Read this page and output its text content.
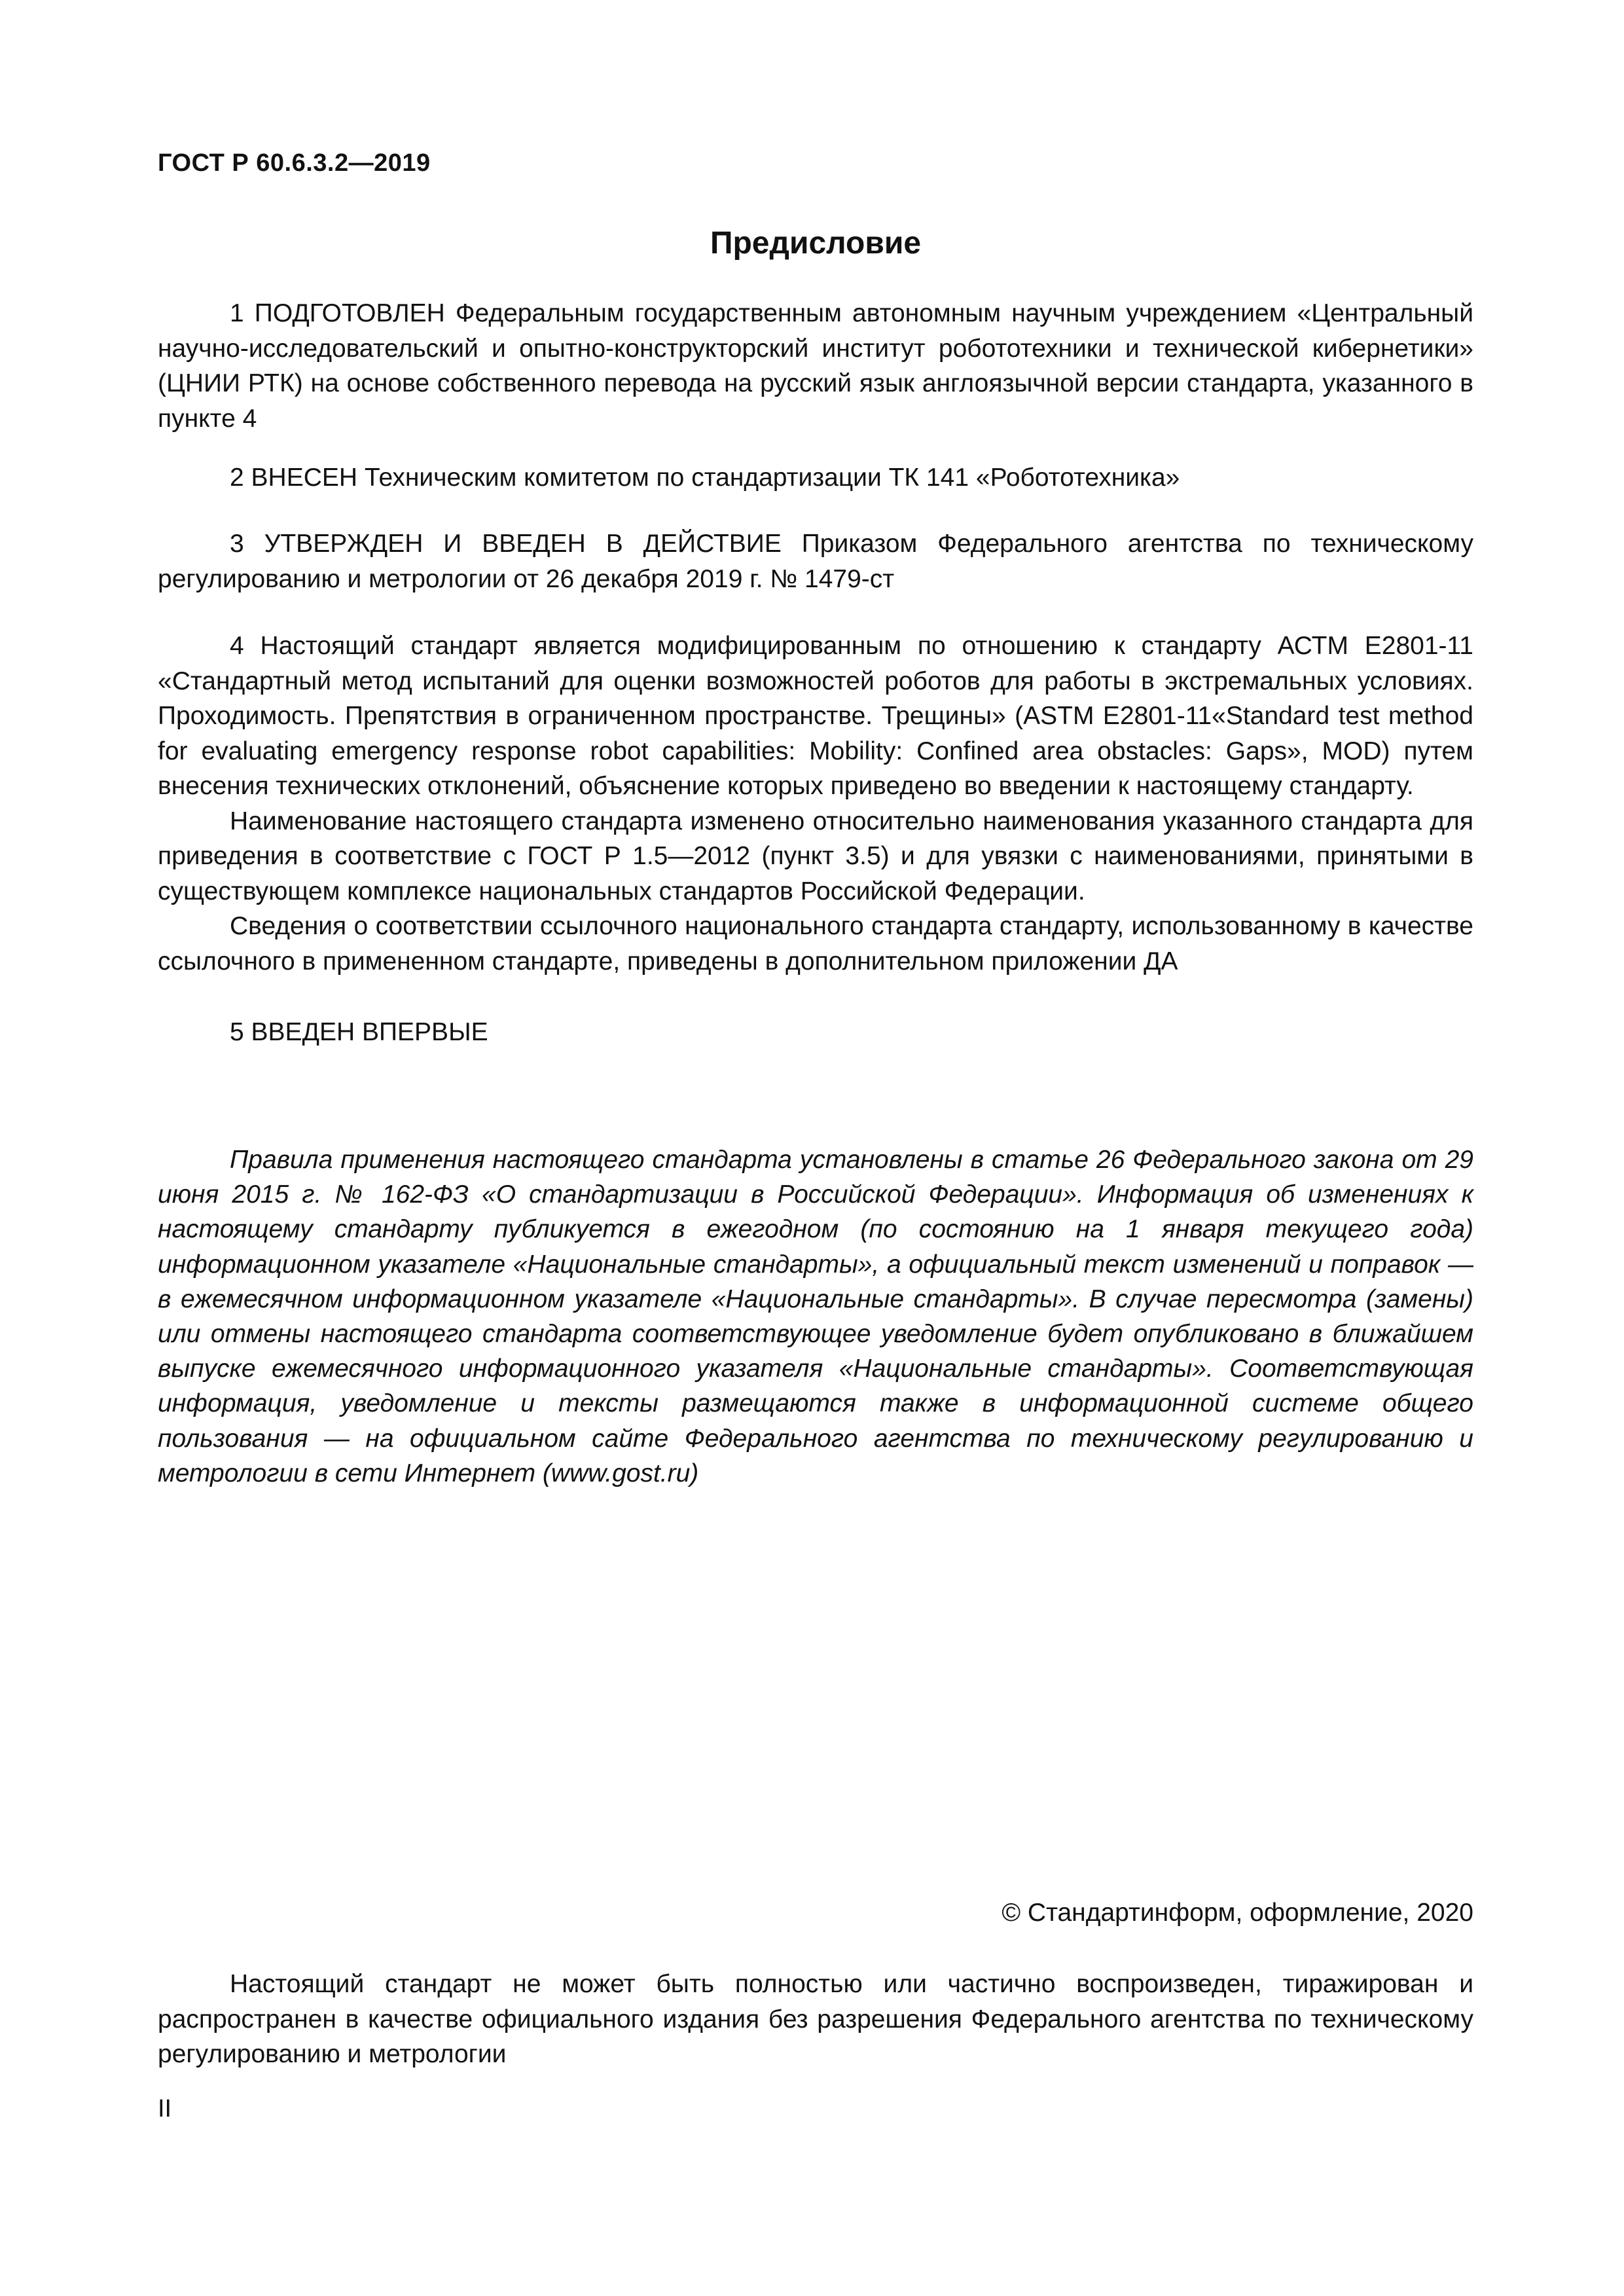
ГОСТ Р 60.6.3.2—2019
Предисловие

1 ПОДГОТОВЛЕН Федеральным государственным автономным научным учреждением «Центральный научно-исследовательский и опытно-конструкторский институт робототехники и технической кибернетики» (ЦНИИ РТК) на основе собственного перевода на русский язык англоязычной версии стандарта, указанного в пункте 4

2 ВНЕСЕН Техническим комитетом по стандартизации ТК 141 «Робототехника»

3 УТВЕРЖДЕН И ВВЕДЕН В ДЕЙСТВИЕ Приказом Федерального агентства по техническому регулированию и метрологии от 26 декабря 2019 г. № 1479-ст

4 Настоящий стандарт является модифицированным по отношению к стандарту АСТМ Е2801-11 «Стандартный метод испытаний для оценки возможностей роботов для работы в экстремальных условиях. Проходимость. Препятствия в ограниченном пространстве. Трещины» (ASTM E2801-11«Standard test method for evaluating emergency response robot capabilities: Mobility: Confined area obstacles: Gaps», MOD) путем внесения технических отклонений, объяснение которых приведено во введении к настоящему стандарту.

Наименование настоящего стандарта изменено относительно наименования указанного стандарта для приведения в соответствие с ГОСТ Р 1.5—2012 (пункт 3.5) и для увязки с наименованиями, принятыми в существующем комплексе национальных стандартов Российской Федерации.

Сведения о соответствии ссылочного национального стандарта стандарту, использованному в качестве ссылочного в примененном стандарте, приведены в дополнительном приложении ДА

5 ВВЕДЕН ВПЕРВЫЕ

Правила применения настоящего стандарта установлены в статье 26 Федерального закона от 29 июня 2015 г. № 162-ФЗ «О стандартизации в Российской Федерации». Информация об изменениях к настоящему стандарту публикуется в ежегодном (по состоянию на 1 января текущего года) информационном указателе «Национальные стандарты», а официальный текст изменений и поправок — в ежемесячном информационном указателе «Национальные стандарты». В случае пересмотра (замены) или отмены настоящего стандарта соответствующее уведомление будет опубликовано в ближайшем выпуске ежемесячного информационного указателя «Национальные стандарты». Соответствующая информация, уведомление и тексты размещаются также в информационной системе общего пользования — на официальном сайте Федерального агентства по техническому регулированию и метрологии в сети Интернет (www.gost.ru)

© Стандартинформ, оформление, 2020

Настоящий стандарт не может быть полностью или частично воспроизведен, тиражирован и распространен в качестве официального издания без разрешения Федерального агентства по техническому регулированию и метрологии

II
